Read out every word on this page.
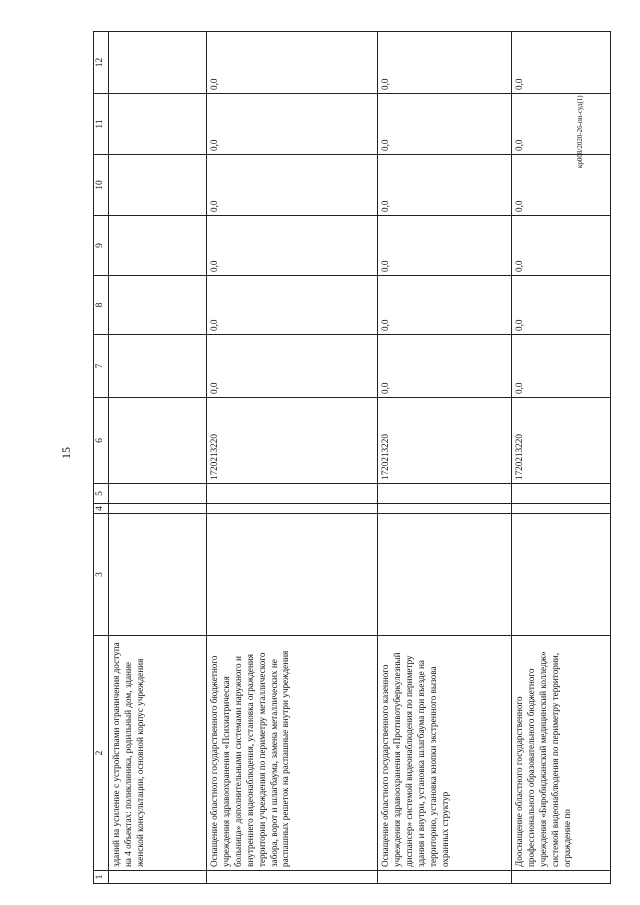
15
кр008/2020-26-пп-суд(1)
1	2	3	4	5	6	7	8	9	10	11	12
	зданий на усиление с устройствами ограничения доступа на 4 объектах: поликлиника, родильный дом, здание женской консультации, основной корпус учреждения										
	Оснащение областного государственного бюджетного учреждения здравоохранения «Психиатрическая больница» дополнительными системами наружного и внутреннего видеонаблюдения, установка ограждения территории учреждения по периметру металлического забора, ворот и шлагбаума, замена металлических не распашных решеток на распашные внутри учреждения				1720213220	0,0	0,0	0,0	0,0	0,0	0,0
	Оснащение областного государственного казенного учреждения здравоохранения «Противотуберкулезный диспансер» системой видеонаблюдения по периметру здания и внутри, установка шлагбаума при въезде на территорию, установка кнопки экстренного вызова охранных структур				1720213220	0,0	0,0	0,0	0,0	0,0	0,0
	Дооснащение областного государственного профессионального образовательного бюджетного учреждения «Биробиджанский медицинский колледж» системой видеонаблюдения по периметру территории, ограждение по				1720213220	0,0	0,0	0,0	0,0	0,0	0,0
